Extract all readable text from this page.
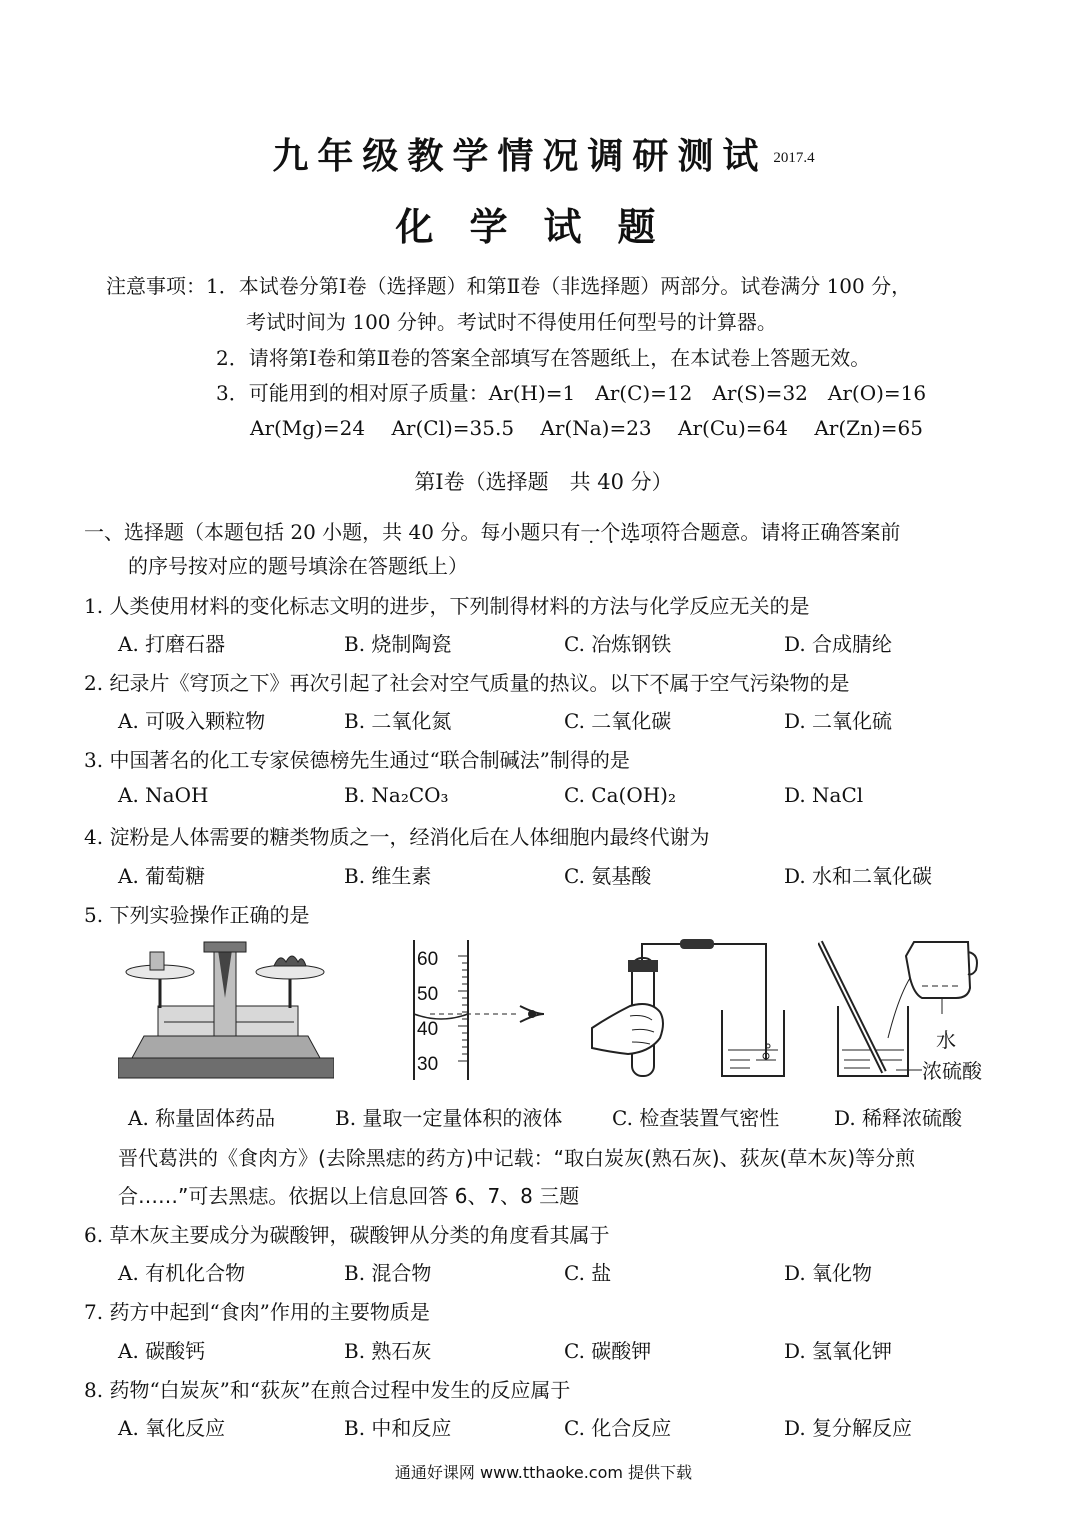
九年级教学情况调研测试 2017.4
化学试题
注意事项：1．本试卷分第Ⅰ卷（选择题）和第Ⅱ卷（非选择题）两部分。试卷满分 100 分，
考试时间为 100 分钟。考试时不得使用任何型号的计算器。
2．请将第Ⅰ卷和第Ⅱ卷的答案全部填写在答题纸上，在本试卷上答题无效。
3．可能用到的相对原子质量：Ar(H)=1　Ar(C)=12　Ar(S)=32　Ar(O)=16
Ar(Mg)=24　 Ar(Cl)=35.5　 Ar(Na)=23　 Ar(Cu)=64　 Ar(Zn)=65
第Ⅰ卷（选择题　共 40 分）
一、选择题（本题包括 20 小题，共 40 分。每小题只有一个选项符合题意。请将正确答案前
的序号按对应的题号填涂在答题纸上）
1. 人类使用材料的变化标志文明的进步，下列制得材料的方法与化学反应无关的是
A. 打磨石器	B. 烧制陶瓷	C. 冶炼钢铁	D. 合成腈纶
2. 纪录片《穹顶之下》再次引起了社会对空气质量的热议。以下不属于空气污染物的是
A. 可吸入颗粒物	B. 二氧化氮	C. 二氧化碳	D. 二氧化硫
3. 中国著名的化工专家侯德榜先生通过“联合制碱法”制得的是
A. NaOH	B. Na₂CO₃	C. Ca(OH)₂	D. NaCl
4. 淀粉是人体需要的糖类物质之一，经消化后在人体细胞内最终代谢为
A. 葡萄糖	B. 维生素	C. 氨基酸	D. 水和二氧化碳
5. 下列实验操作正确的是
A. 称量固体药品
60
50
40
30
B. 量取一定量体积的液体 C. 检查装置气密性
水
浓硫酸
D. 稀释浓硫酸
晋代葛洪的《食肉方》(去除黑痣的药方)中记载：“取白炭灰(熟石灰)、荻灰(草木灰)等分煎
合……”可去黑痣。依据以上信息回答 6、7、8 三题
6. 草木灰主要成分为碳酸钾，碳酸钾从分类的角度看其属于
A. 有机化合物	B. 混合物	C. 盐	D. 氧化物
7. 药方中起到“食肉”作用的主要物质是
A. 碳酸钙	B. 熟石灰	C. 碳酸钾	D. 氢氧化钾
8. 药物“白炭灰”和“荻灰”在煎合过程中发生的反应属于
A. 氧化反应	B. 中和反应	C. 化合反应	D. 复分解反应
通通好课网 www.tthaoke.com 提供下载
